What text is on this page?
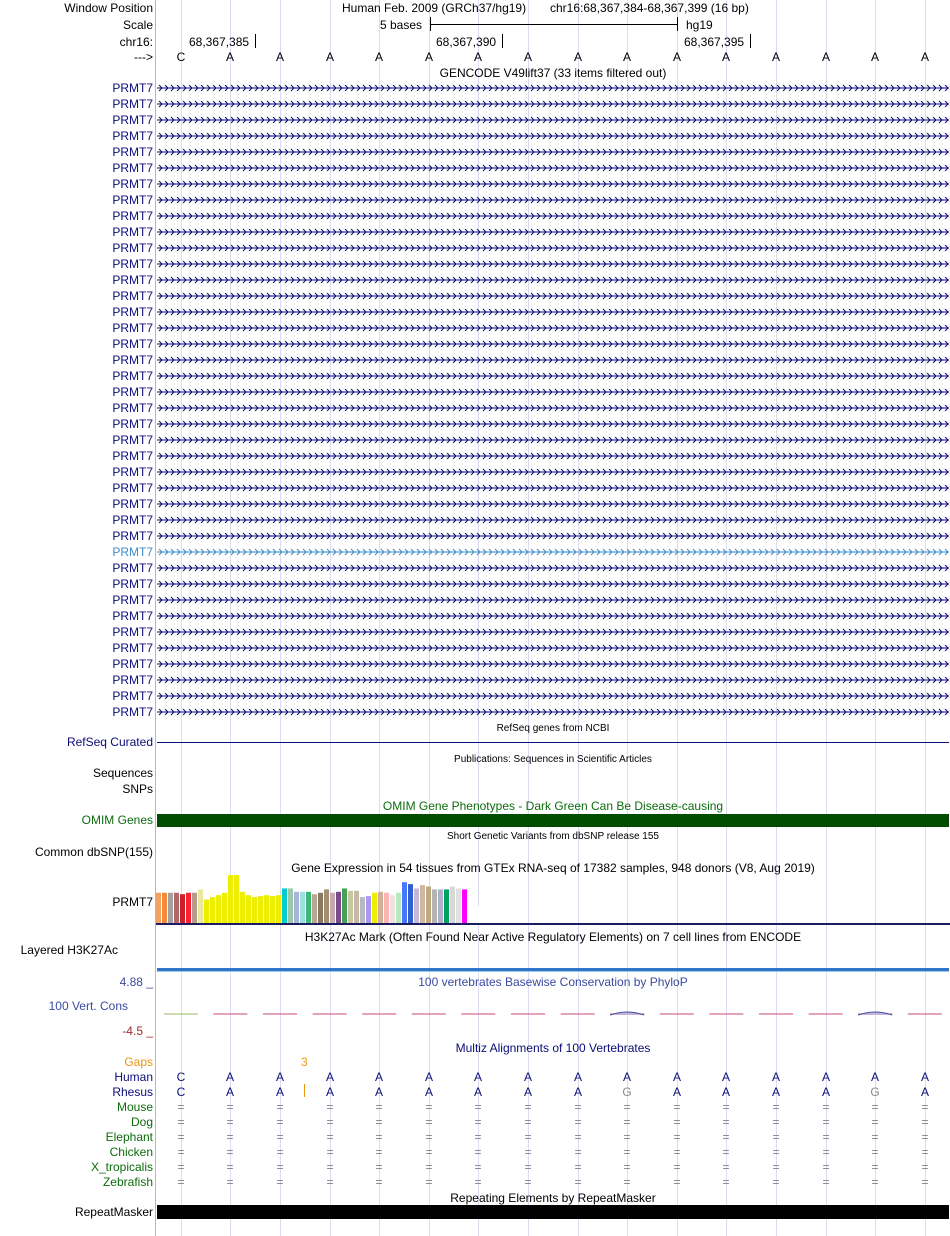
Window Position	Human Feb. 2009 (GRCh37/hg19) chr16:68,367,384-68,367,399 (16 bp)
Scale	5 bases	hg19
chr16:	68,367,385	68,367,390	68,367,395
--->	C	A	A	A	A	A	A	A	A	A	A	A	A	A	A	A
GENCODE V49lift37 (33 items filtered out)
PRMT7
PRMT7
PRMT7
PRMT7
PRMT7
PRMT7
PRMT7
PRMT7
PRMT7
PRMT7
PRMT7
PRMT7
PRMT7
PRMT7
PRMT7
PRMT7
PRMT7
PRMT7
PRMT7
PRMT7
PRMT7
PRMT7
PRMT7
PRMT7
PRMT7
PRMT7
PRMT7
PRMT7
PRMT7
PRMT7
PRMT7
PRMT7
PRMT7
PRMT7
PRMT7
PRMT7
PRMT7
PRMT7
PRMT7
PRMT7
RefSeq genes from NCBI
RefSeq Curated
Publications: Sequences in Scientific Articles
Sequences
SNPs
OMIM Gene Phenotypes - Dark Green Can Be Disease-causing
OMIM Genes
Short Genetic Variants from dbSNP release 155
Common dbSNP(155)
Gene Expression in 54 tissues from GTEx RNA-seq of 17382 samples, 948 donors (V8, Aug 2019)
PRMT7
H3K27Ac Mark (Often Found Near Active Regulatory Elements) on 7 cell lines from ENCODE
Layered H3K27Ac
100 vertebrates Basewise Conservation by PhyloP
4.88 _
100 Vert. Cons
-4.5 _
Multiz Alignments of 100 Vertebrates
Gaps	3
Human	C	A	A	A	A	A	A	A	A	A	A	A	A	A	A	A
Rhesus	C	A	A	A	A	A	A	A	A	G	A	A	A	A	G	A
Mouse	=	=	=	=	=	=	=	=	=	=	=	=	=	=	=	=
Dog	=	=	=	=	=	=	=	=	=	=	=	=	=	=	=	=
Elephant	=	=	=	=	=	=	=	=	=	=	=	=	=	=	=	=
Chicken	=	=	=	=	=	=	=	=	=	=	=	=	=	=	=	=
X_tropicalis	=	=	=	=	=	=	=	=	=	=	=	=	=	=	=	=
Zebrafish	=	=	=	=	=	=	=	=	=	=	=	=	=	=	=	=
Repeating Elements by RepeatMasker
RepeatMasker
